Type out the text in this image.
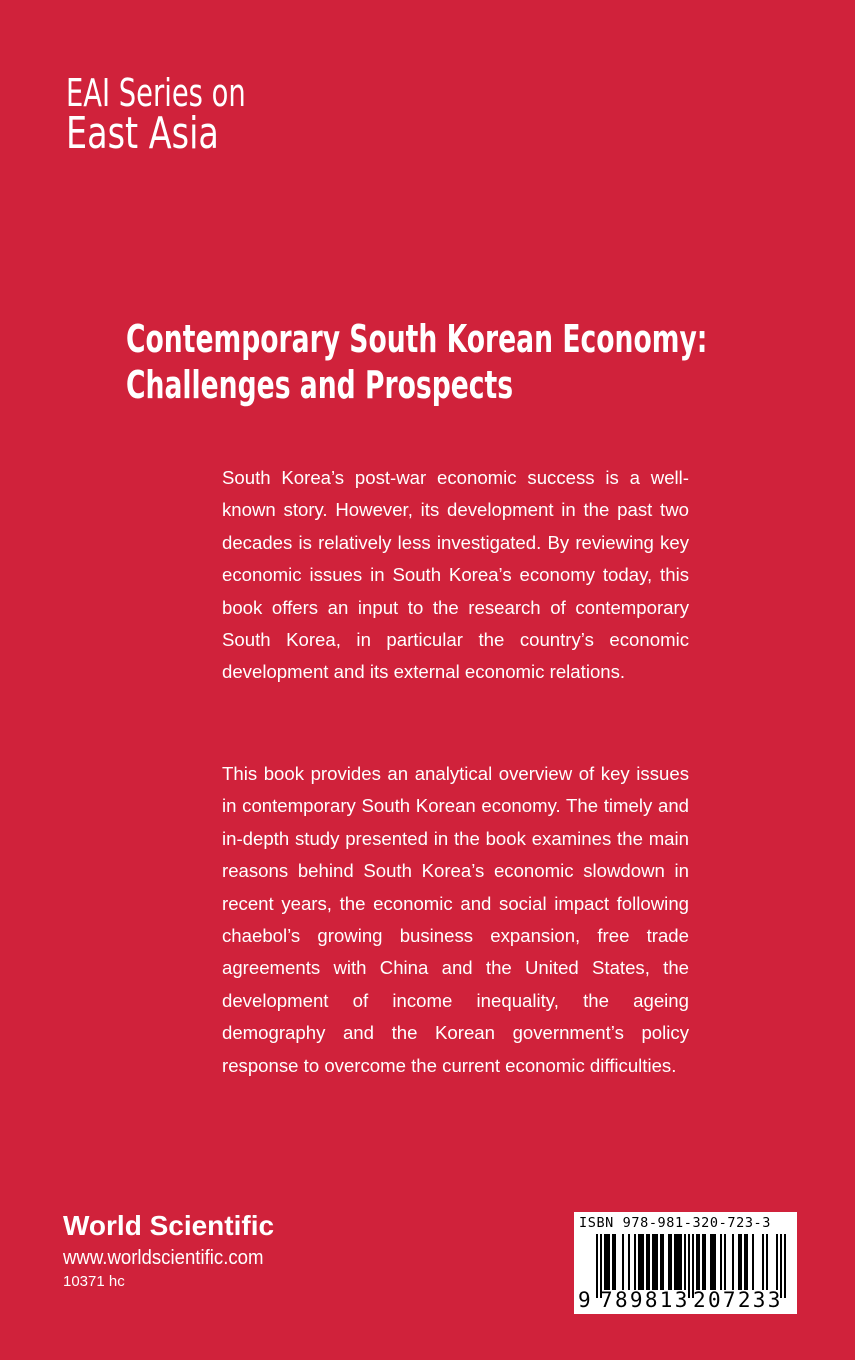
EAI Series on
East Asia
Contemporary South Korean Economy:
Challenges and Prospects

South Korea’s post-war economic success is a well-known story. However, its development in the past two decades is relatively less investigated. By reviewing key economic issues in South Korea’s economy today, this book offers an input to the research of contemporary South Korea, in particular the country’s economic development and its external economic relations.

This book provides an analytical overview of key issues in contemporary South Korean economy. The timely and in-depth study presented in the book examines the main reasons behind South Korea’s economic slowdown in recent years, the economic and social impact following chaebol’s growing business expansion, free trade agreements with China and the United States, the development of income inequality, the ageing demography and the Korean government’s policy response to overcome the current economic difficulties.

World Scientific
www.worldscientific.com
10371 hc
ISBN 978-981-320-723-3
9 789813 207233
